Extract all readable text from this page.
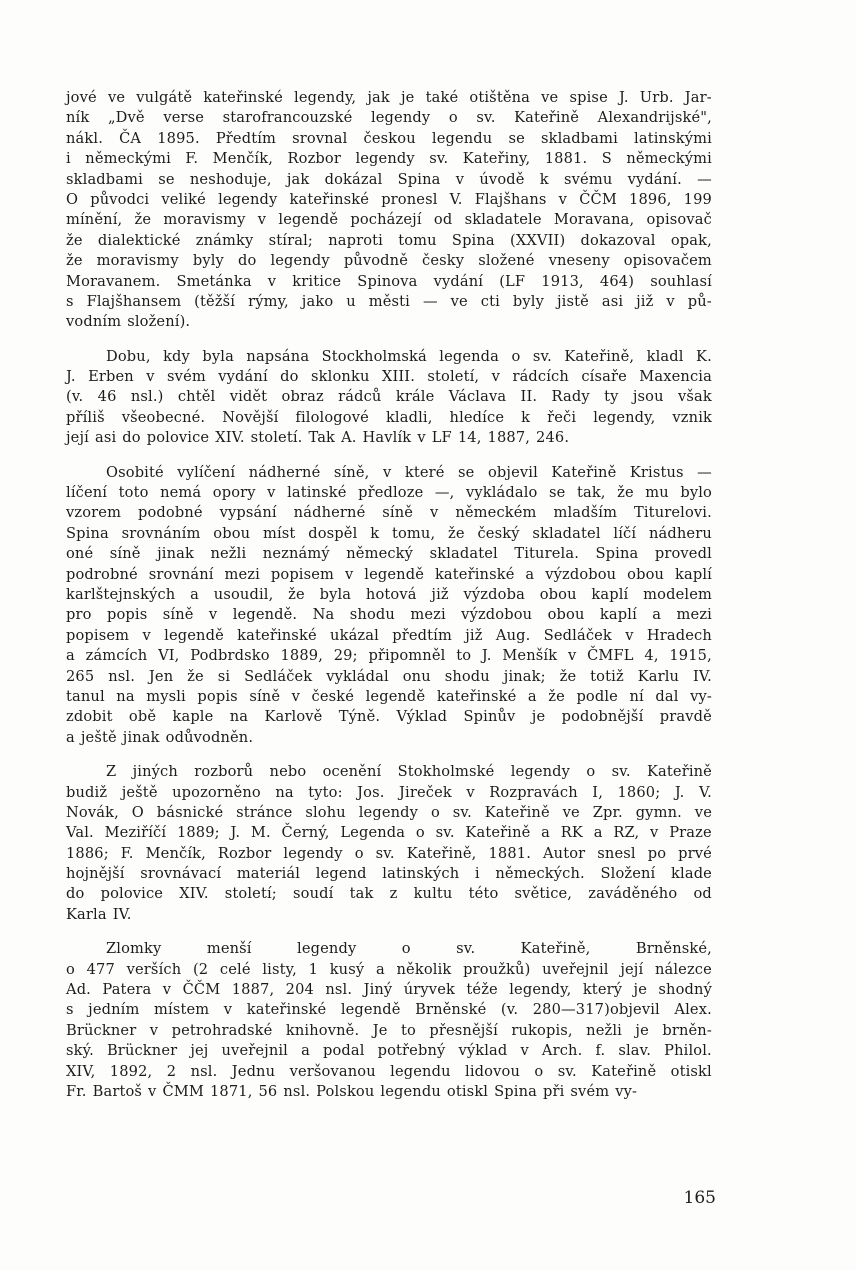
jové ve vulgátě kateřinské legendy, jak je také otištěna ve spise J. Urb. Jar-
ník „Dvě verse starofrancouzské legendy o sv. Kateřině Alexandrijské",
nákl. ČA 1895. Předtím srovnal českou legendu se skladbami latinskými
i německými F. Menčík, Rozbor legendy sv. Kateřiny, 1881. S německými
skladbami se neshoduje, jak dokázal Spina v úvodě k svému vydání. —
O původci veliké legendy kateřinské pronesl V. Flajšhans v ČČM 1896, 199
mínění, že moravismy v legendě pocházejí od skladatele Moravana, opisovač
že dialektické známky stíral; naproti tomu Spina (XXVII) dokazoval opak,
že moravismy byly do legendy původně česky složené vneseny opisovačem
Moravanem. Smetánka v kritice Spinova vydání (LF 1913, 464) souhlasí
s Flajšhansem (těžší rýmy, jako u městi — ve cti byly jistě asi již v pů-
vodním složení).
Dobu, kdy byla napsána Stockholmská legenda o sv. Kateřině, kladl K.
J. Erben v svém vydání do sklonku XIII. století, v rádcích císaře Maxencia
(v. 46 nsl.) chtěl vidět obraz rádců krále Václava II. Rady ty jsou však
příliš všeobecné. Novější filologové kladli, hledíce k řeči legendy, vznik
její asi do polovice XIV. století. Tak A. Havlík v LF 14, 1887, 246.
Osobité vylíčení nádherné síně, v které se objevil Kateřině Kristus —
líčení toto nemá opory v latinské předloze —, vykládalo se tak, že mu bylo
vzorem podobné vypsání nádherné síně v německém mladším Titurelovi.
Spina srovnáním obou míst dospěl k tomu, že český skladatel líčí nádheru
oné síně jinak nežli neznámý německý skladatel Titurela. Spina provedl
podrobné srovnání mezi popisem v legendě kateřinské a výzdobou obou kaplí
karlštejnských a usoudil, že byla hotová již výzdoba obou kaplí modelem
pro popis síně v legendě. Na shodu mezi výzdobou obou kaplí a mezi
popisem v legendě kateřinské ukázal předtím již Aug. Sedláček v Hradech
a zámcích VI, Podbrdsko 1889, 29; připomněl to J. Menšík v ČMFL 4, 1915,
265 nsl. Jen že si Sedláček vykládal onu shodu jinak; že totiž Karlu IV.
tanul na mysli popis síně v české legendě kateřinské a že podle ní dal vy-
zdobit obě kaple na Karlově Týně. Výklad Spinův je podobnější pravdě
a ještě jinak odůvodněn.
Z jiných rozborů nebo ocenění Stokholmské legendy o sv. Kateřině
budiž ještě upozorněno na tyto: Jos. Jireček v Rozpravách I, 1860; J. V.
Novák, O básnické stránce slohu legendy o sv. Kateřině ve Zpr. gymn. ve
Val. Meziříčí 1889; J. M. Černý, Legenda o sv. Kateřině a RK a RZ, v Praze
1886; F. Menčík, Rozbor legendy o sv. Kateřině, 1881. Autor snesl po prvé
hojnější srovnávací materiál legend latinských i německých. Složení klade
do polovice XIV. století; soudí tak z kultu této světice, zaváděného od
Karla IV.
Zlomky	menší	legendy	o	sv.	Kateřině,	Brněnské,
o 477 verších (2 celé listy, 1 kusý a několik proužků) uveřejnil její nálezce
Ad. Patera v ČČM 1887, 204 nsl. Jiný úryvek téže legendy, který je shodný
s jedním místem v kateřinské legendě Brněnské (v. 280—317)objevil Alex.
Brückner v petrohradské knihovně. Je to přesnější rukopis, nežli je brněn-
ský. Brückner jej uveřejnil a podal potřebný výklad v Arch. f. slav. Philol.
XIV, 1892, 2 nsl. Jednu veršovanou legendu lidovou o sv. Kateřině otiskl
Fr. Bartoš v ČMM 1871, 56 nsl. Polskou legendu otiskl Spina při svém vy-
165
